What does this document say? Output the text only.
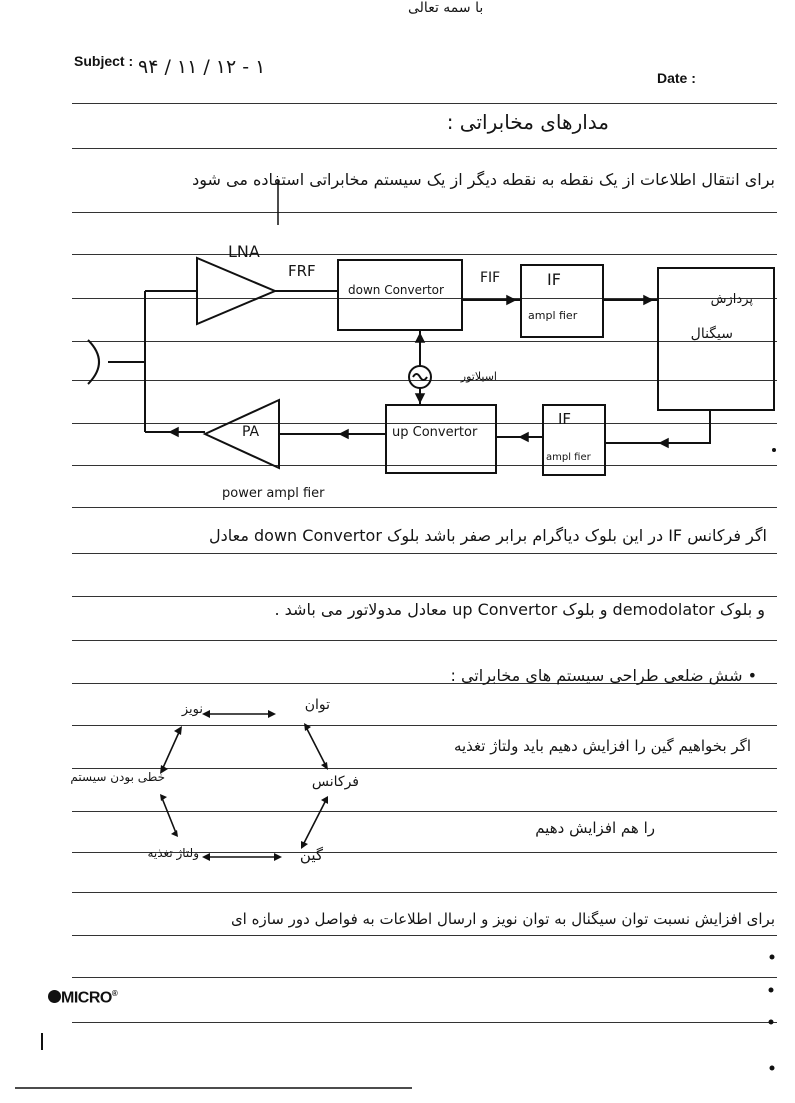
با سمه تعالی
Subject : ۹۴ / ۱۱ / ۱۲ - ۱	Date :
مدارهای مخابراتی :
برای انتقال اطلاعات از یک نقطه به نقطه دیگر از یک سیستم مخابراتی استفاده می شود
LNA
FRF
down Convertor
FIF	IF
ampl fier
پردازش
سیگنال
اسیلاتور
up Convertor
IF
ampl fier
PA
power ampl fier
اگر فرکانس IF در این بلوک دیاگرام برابر صفر باشد بلوک down Convertor معادل
و بلوک demodolator و بلوک up Convertor معادل مدولاتور می باشد .
• شش ضلعی طراحی سیستم های مخابراتی :
اگر بخواهیم گین را افزایش دهیم باید ولتاژ تغذیه
را هم افزایش دهیم
توان
نویز
خطی بودن سیستم	فرکانس
ولتاژ تغذیه	گین
برای افزایش نسبت توان سیگنال به توان نویز و ارسال اطلاعات به فواصل دور سازه ای
MICRO®
